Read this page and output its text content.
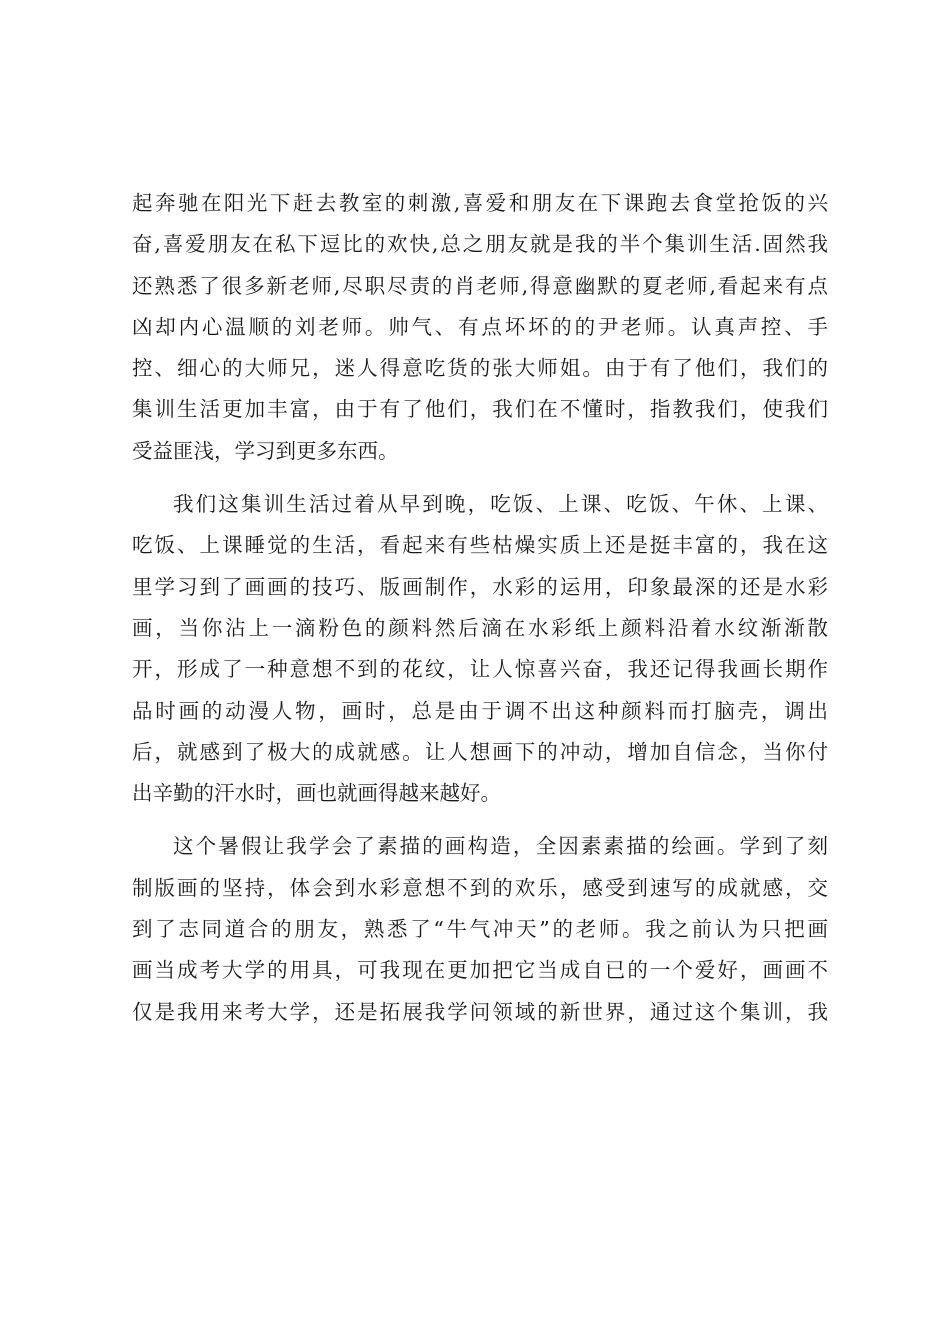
起奔驰在阳光下赶去教室的刺激,喜爱和朋友在下课跑去食堂抢饭的兴
奋,喜爱朋友在私下逗比的欢快,总之朋友就是我的半个集训生活.固然我
还熟悉了很多新老师,尽职尽责的肖老师,得意幽默的夏老师,看起来有点
凶却内心温顺的刘老师。帅气、有点坏坏的的尹老师。认真声控、手
控、细心的大师兄，迷人得意吃货的张大师姐。由于有了他们，我们的
集训生活更加丰富，由于有了他们，我们在不懂时，指教我们，使我们
受益匪浅，学习到更多东西。
我们这集训生活过着从早到晚，吃饭、上课、吃饭、午休、上课、
吃饭、上课睡觉的生活，看起来有些枯燥实质上还是挺丰富的，我在这
里学习到了画画的技巧、版画制作，水彩的运用，印象最深的还是水彩
画，当你沾上一滴粉色的颜料然后滴在水彩纸上颜料沿着水纹渐渐散
开，形成了一种意想不到的花纹，让人惊喜兴奋，我还记得我画长期作
品时画的动漫人物，画时，总是由于调不出这种颜料而打脑壳，调出
后，就感到了极大的成就感。让人想画下的冲动，增加自信念，当你付
出辛勤的汗水时，画也就画得越来越好。
这个暑假让我学会了素描的画构造，全因素素描的绘画。学到了刻
制版画的坚持，体会到水彩意想不到的欢乐，感受到速写的成就感，交
到了志同道合的朋友，熟悉了“牛气冲天”的老师。我之前认为只把画
画当成考大学的用具，可我现在更加把它当成自已的一个爱好，画画不
仅是我用来考大学，还是拓展我学问领域的新世界，通过这个集训，我
